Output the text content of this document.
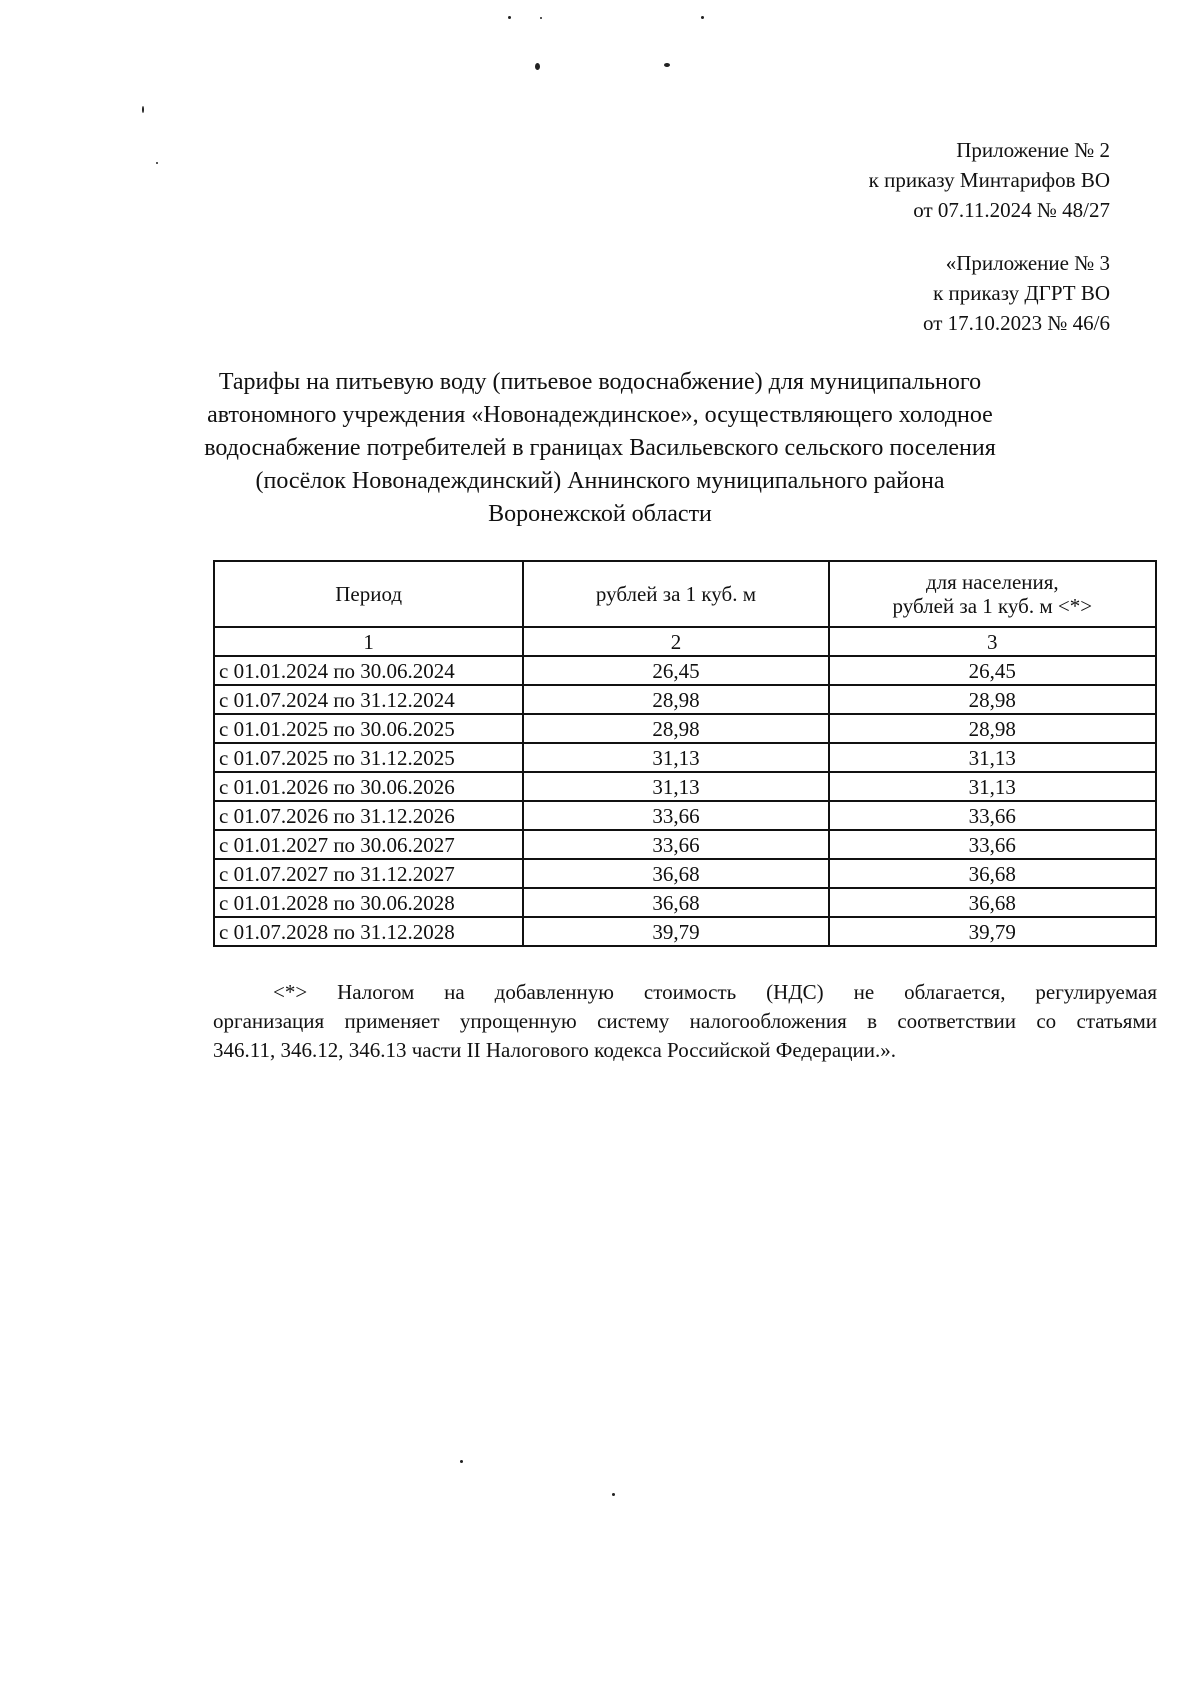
Приложение № 2
к приказу Минтарифов ВО
от 07.11.2024 № 48/27
«Приложение № 3
к приказу ДГРТ ВО
от 17.10.2023 № 46/6
Тарифы на питьевую воду (питьевое водоснабжение) для муниципального
автономного учреждения «Новонадеждинское», осуществляющего холодное
водоснабжение потребителей в границах Васильевского сельского поселения
(посёлок Новонадеждинский) Аннинского муниципального района
Воронежской области
Период	рублей за 1 куб. м	для населения,
рублей за 1 куб. м <*>

1	2	3
с 01.01.2024 по 30.06.2024	26,45	26,45
с 01.07.2024 по 31.12.2024	28,98	28,98
с 01.01.2025 по 30.06.2025	28,98	28,98
с 01.07.2025 по 31.12.2025	31,13	31,13
с 01.01.2026 по 30.06.2026	31,13	31,13
с 01.07.2026 по 31.12.2026	33,66	33,66
с 01.01.2027 по 30.06.2027	33,66	33,66
с 01.07.2027 по 31.12.2027	36,68	36,68
с 01.01.2028 по 30.06.2028	36,68	36,68
с 01.07.2028 по 31.12.2028	39,79	39,79
<*> Налогом на добавленную стоимость (НДС) не облагается, регулируемая
организация применяет упрощенную систему налогообложения в соответствии со статьями
346.11, 346.12, 346.13 части II Налогового кодекса Российской Федерации.».
